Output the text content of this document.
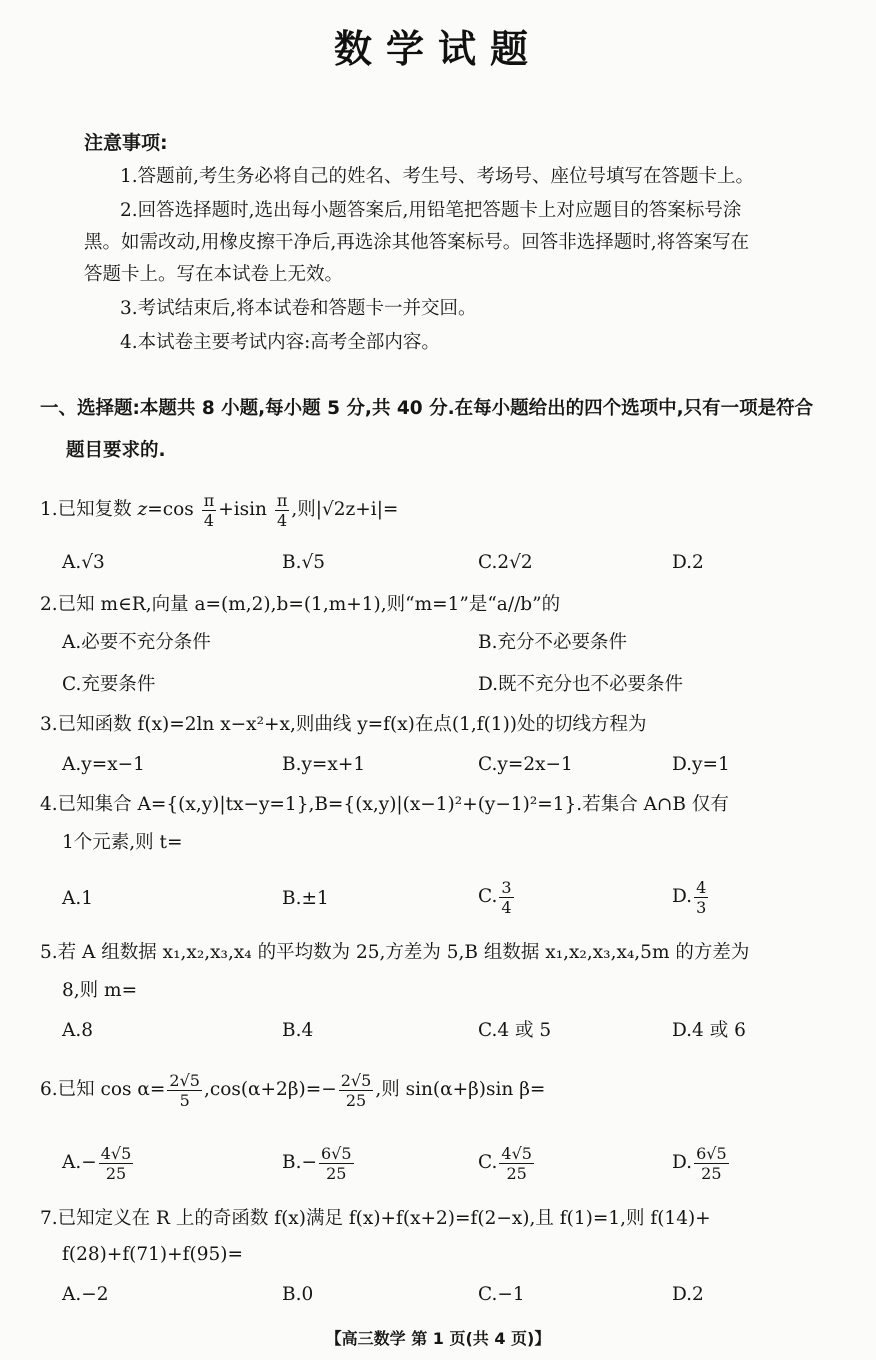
数学试题
注意事项:
1.答题前,考生务必将自己的姓名、考生号、考场号、座位号填写在答题卡上。
2.回答选择题时,选出每小题答案后,用铅笔把答题卡上对应题目的答案标号涂
黑。如需改动,用橡皮擦干净后,再选涂其他答案标号。回答非选择题时,将答案写在
答题卡上。写在本试卷上无效。
3.考试结束后,将本试卷和答题卡一并交回。
4.本试卷主要考试内容:高考全部内容。
一、选择题:本题共 8 小题,每小题 5 分,共 40 分.在每小题给出的四个选项中,只有一项是符合
题目要求的.
1.已知复数 $z=\cos \frac{\pi}{4} +isin \frac{\pi}{4}$ ,则|√2z+i|=
A.√3	B.√5	C.2√2	D.2
2.已知 m∈R,向量 a=(m,2),b=(1,m+1),则“m=1”是“a//b”的
A.必要不充分条件	B.充分不必要条件
C.充要条件	D.既不充分也不必要条件
3.已知函数 f(x)=2ln x−x²+x,则曲线 y=f(x)在点(1,f(1))处的切线方程为
A.y=x−1	B.y=x+1	C.y=2x−1	D.y=1
4.已知集合 A={(x,y)|tx−y=1},B={(x,y)|(x−1)²+(y−1)²=1}.若集合 A∩B 仅有
1个元素,则 t=
A.1	B.±1	C. $\frac{3}{4}$	D. $\frac{4}{3}$
5.若 A 组数据 x₁,x₂,x₃,x₄ 的平均数为 25,方差为 5,B 组数据 x₁,x₂,x₃,x₄,5m 的方差为
8,则 m=
A.8	B.4	C.4 或 5	D.4 或 6
6.已知 $\cos \alpha= \frac{2√5}{5} ,\cos(\alpha+2\beta)=- \frac{2√5}{25}$ ,则 sin(α+β)sin β=
$A.- \frac{4√5}{25}$	$B.- \frac{6√5}{25}$	C. $\frac{4√5}{25}$	D. $\frac{6√5}{25}$
7.已知定义在 R 上的奇函数 f(x)满足 f(x)+f(x+2)=f(2−x),且 f(1)=1,则 f(14)+
f(28)+f(71)+f(95)=
A.−2	B.0	C.−1	D.2
【高三数学 第 1 页(共 4 页)】
